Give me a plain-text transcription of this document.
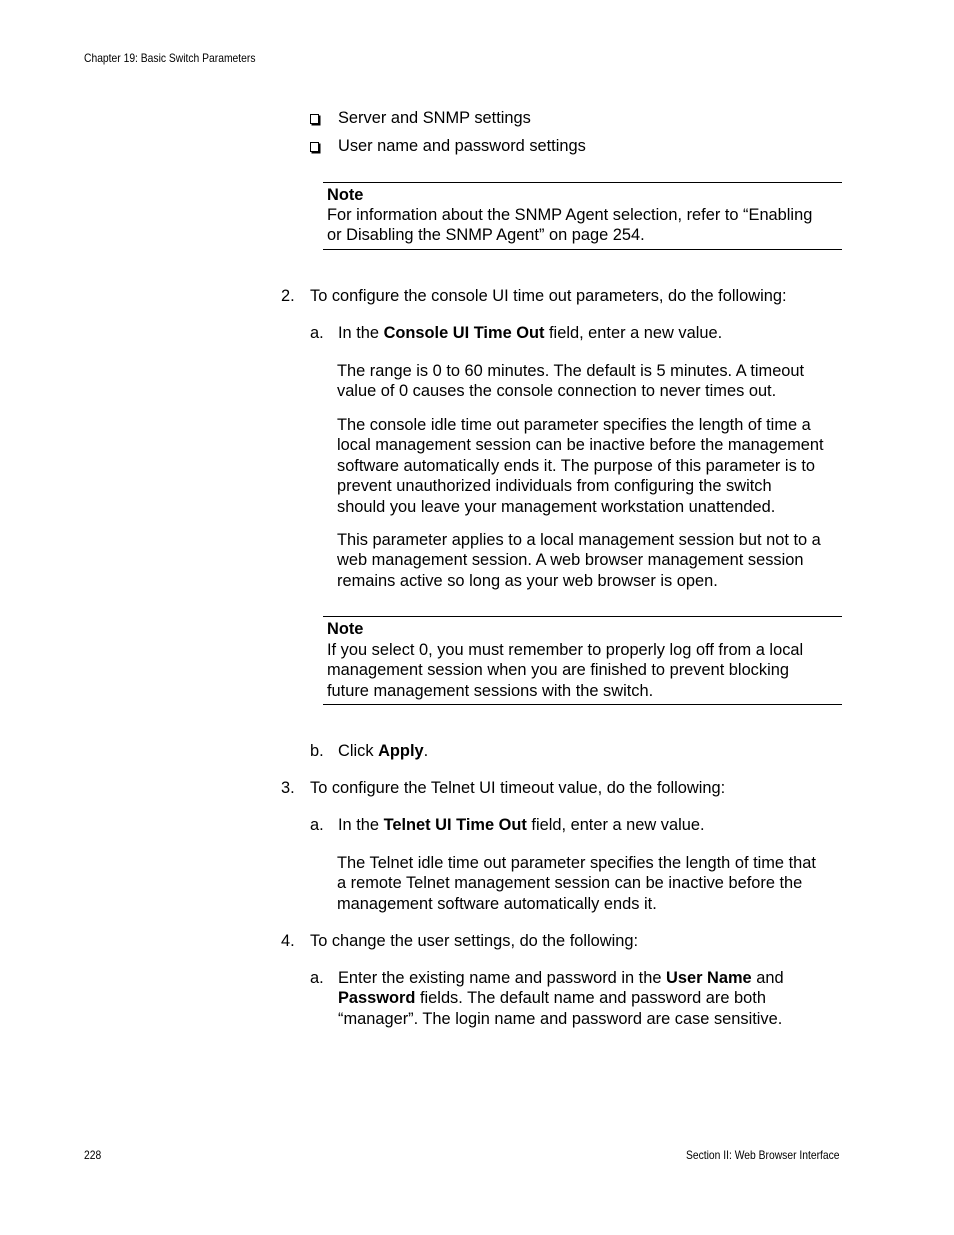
Chapter 19: Basic Switch Parameters
Server and SNMP settings
User name and password settings
Note
For information about the SNMP Agent selection, refer to “Enabling
or Disabling the SNMP Agent” on page 254.
2. To configure the console UI time out parameters, do the following:
a. In the Console UI Time Out field, enter a new value.
The range is 0 to 60 minutes. The default is 5 minutes. A timeout
value of 0 causes the console connection to never times out.
The console idle time out parameter specifies the length of time a
local management session can be inactive before the management
software automatically ends it. The purpose of this parameter is to
prevent unauthorized individuals from configuring the switch
should you leave your management workstation unattended.
This parameter applies to a local management session but not to a
web management session. A web browser management session
remains active so long as your web browser is open.
Note
If you select 0, you must remember to properly log off from a local
management session when you are finished to prevent blocking
future management sessions with the switch.
b. Click Apply.
3. To configure the Telnet UI timeout value, do the following:
a. In the Telnet UI Time Out field, enter a new value.
The Telnet idle time out parameter specifies the length of time that
a remote Telnet management session can be inactive before the
management software automatically ends it.
4. To change the user settings, do the following:
a. Enter the existing name and password in the User Name and
Password fields. The default name and password are both
“manager”. The login name and password are case sensitive.
228	Section II: Web Browser Interface
